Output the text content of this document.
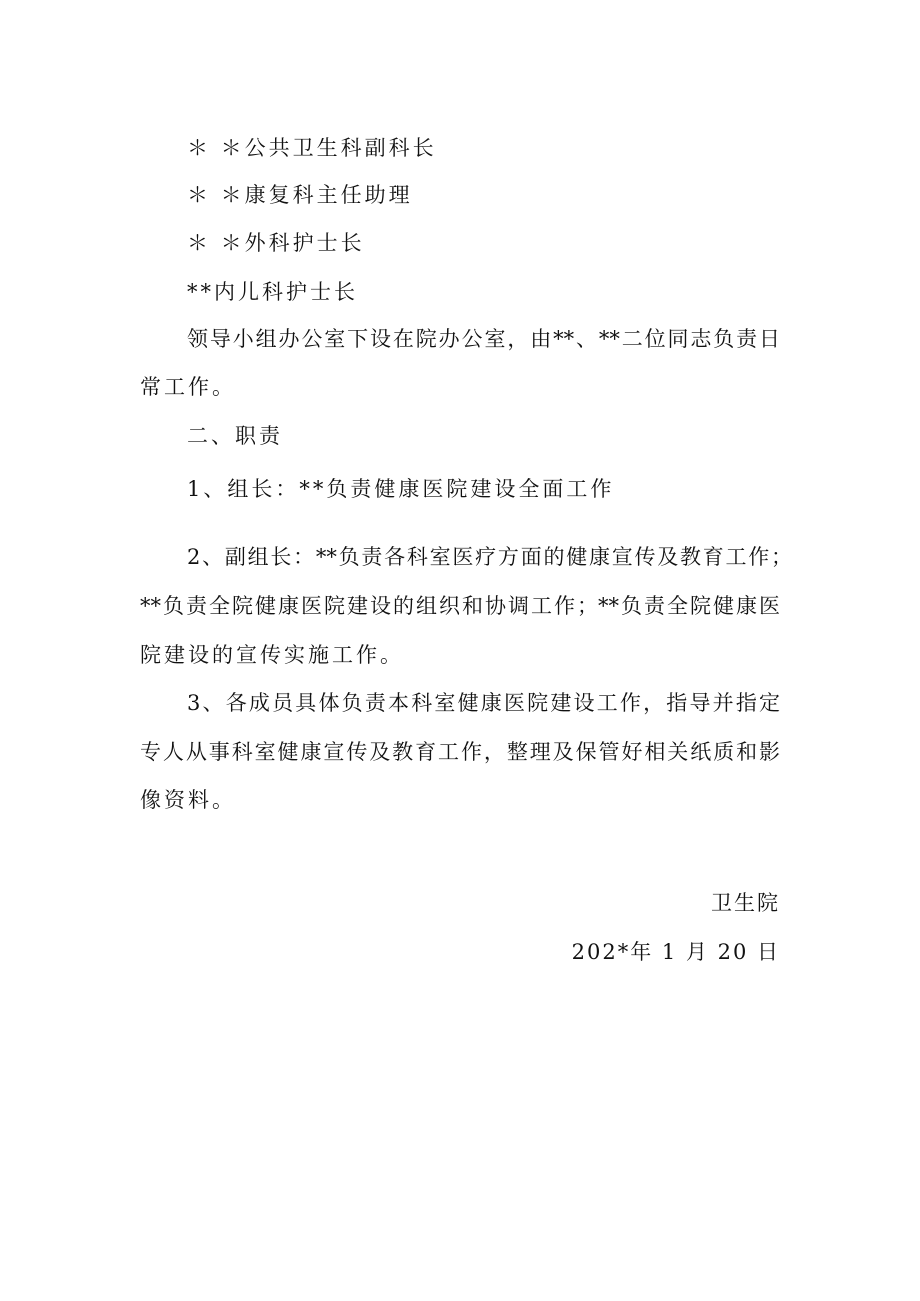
＊ ＊公共卫生科副科长
＊ ＊康复科主任助理
＊ ＊外科护士长
**内儿科护士长
领导小组办公室下设在院办公室，由**、**二位同志负责日
常工作。
二、职责
1、组长：**负责健康医院建设全面工作
2、副组长：**负责各科室医疗方面的健康宣传及教育工作；
**负责全院健康医院建设的组织和协调工作；**负责全院健康医
院建设的宣传实施工作。
3、各成员具体负责本科室健康医院建设工作，指导并指定
专人从事科室健康宣传及教育工作，整理及保管好相关纸质和影
像资料。
卫生院
202*年 1 月 20 日
